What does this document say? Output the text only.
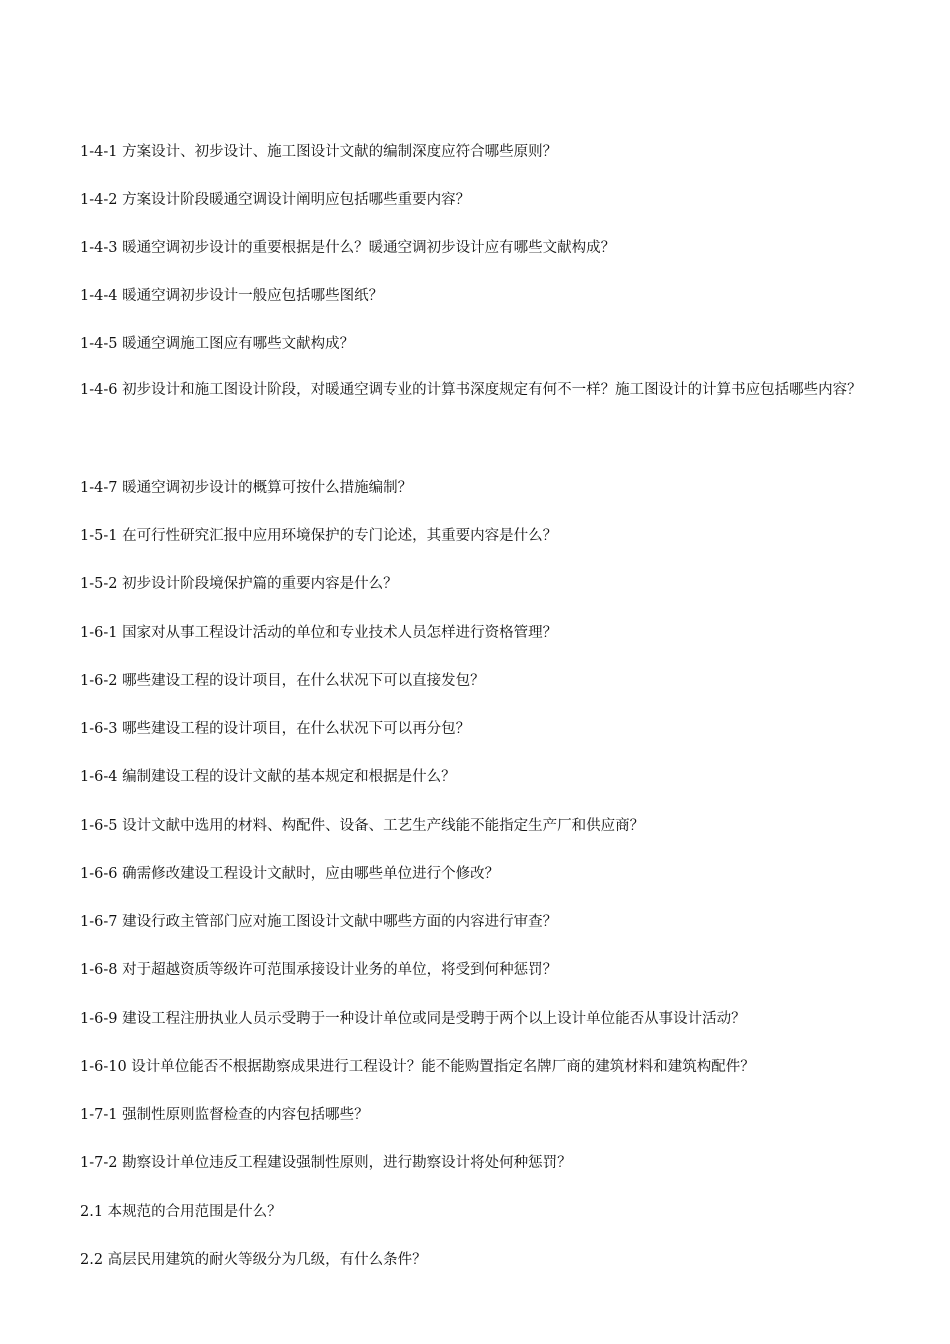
1-4-1 方案设计、初步设计、施工图设计文献的编制深度应符合哪些原则？

1-4-2 方案设计阶段暖通空调设计阐明应包括哪些重要内容？

1-4-3 暖通空调初步设计的重要根据是什么？暖通空调初步设计应有哪些文献构成？

1-4-4 暖通空调初步设计一般应包括哪些图纸？

1-4-5 暖通空调施工图应有哪些文献构成？

1-4-6 初步设计和施工图设计阶段，对暖通空调专业的计算书深度规定有何不一样？施工图设计的计算书应包括哪些内容？

1-4-7 暖通空调初步设计的概算可按什么措施编制？

1-5-1 在可行性研究汇报中应用环境保护的专门论述，其重要内容是什么？

1-5-2 初步设计阶段境保护篇的重要内容是什么？

1-6-1 国家对从事工程设计活动的单位和专业技术人员怎样进行资格管理？

1-6-2 哪些建设工程的设计项目，在什么状况下可以直接发包？

1-6-3 哪些建设工程的设计项目，在什么状况下可以再分包？

1-6-4 编制建设工程的设计文献的基本规定和根据是什么？

1-6-5 设计文献中选用的材料、构配件、设备、工艺生产线能不能指定生产厂和供应商？

1-6-6 确需修改建设工程设计文献时，应由哪些单位进行个修改？

1-6-7 建设行政主管部门应对施工图设计文献中哪些方面的内容进行审查？

1-6-8 对于超越资质等级许可范围承接设计业务的单位，将受到何种惩罚？

1-6-9 建设工程注册执业人员示受聘于一种设计单位或同是受聘于两个以上设计单位能否从事设计活动？

1-6-10 设计单位能否不根据勘察成果进行工程设计？能不能购置指定名牌厂商的建筑材料和建筑构配件？

1-7-1 强制性原则监督检查的内容包括哪些？

1-7-2 勘察设计单位违反工程建设强制性原则，进行勘察设计将处何种惩罚？

2.1 本规范的合用范围是什么？

2.2 高层民用建筑的耐火等级分为几级，有什么条件？
